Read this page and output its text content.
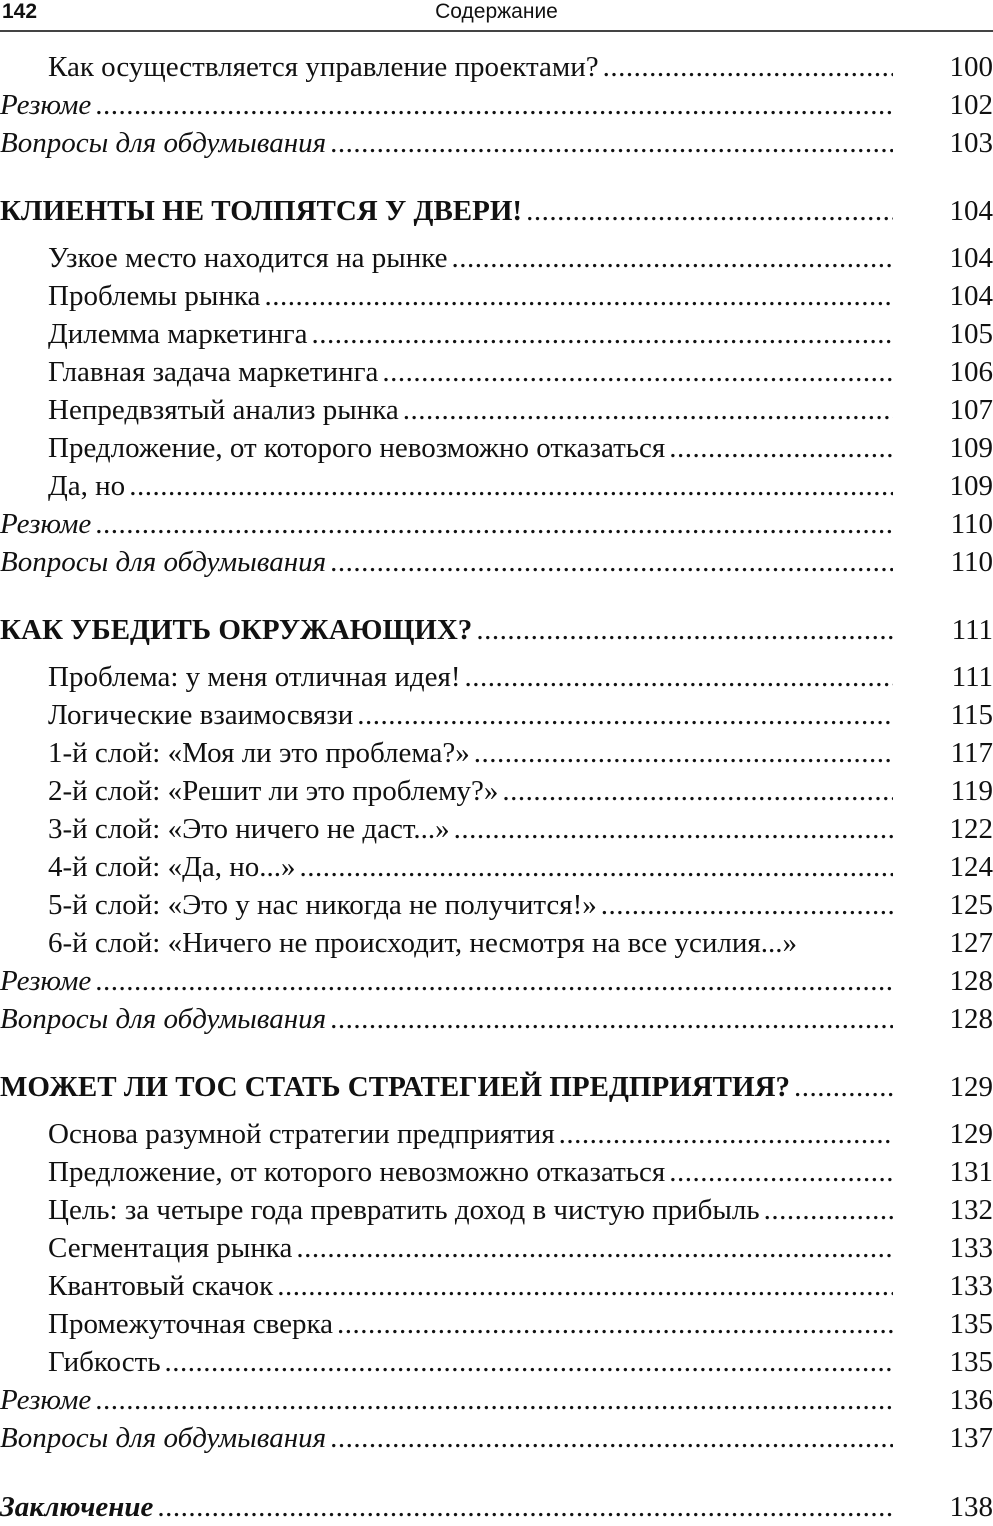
142	Содержание
Как осуществляется управление проектами? .....	100
Резюме .....	102
Вопросы для обдумывания .....	103
КЛИЕНТЫ НЕ ТОЛПЯТСЯ У ДВЕРИ! .....	104
Узкое место находится на рынке .....	104
Проблемы рынка .....	104
Дилемма маркетинга .....	105
Главная задача маркетинга .....	106
Непредвзятый анализ рынка .....	107
Предложение, от которого невозможно отказаться .....	109
Да, но .....	109
Резюме .....	110
Вопросы для обдумывания .....	110
КАК УБЕДИТЬ ОКРУЖАЮЩИХ? .....	111
Проблема: у меня отличная идея! .....	111
Логические взаимосвязи .....	115
1-й слой: «Моя ли это проблема?» .....	117
2-й слой: «Решит ли это проблему?» .....	119
3-й слой: «Это ничего не даст...» .....	122
4-й слой: «Да, но...» .....	124
5-й слой: «Это у нас никогда не получится!» .....	125
6-й слой: «Ничего не происходит, несмотря на все усилия...»	127
Резюме .....	128
Вопросы для обдумывания .....	128
МОЖЕТ ЛИ TOC СТАТЬ СТРАТЕГИЕЙ ПРЕДПРИЯТИЯ? .....	129
Основа разумной стратегии предприятия .....	129
Предложение, от которого невозможно отказаться .....	131
Цель: за четыре года превратить доход в чистую прибыль .....	132
Сегментация рынка .....	133
Квантовый скачок .....	133
Промежуточная сверка .....	135
Гибкость .....	135
Резюме .....	136
Вопросы для обдумывания .....	137
Заключение .....	138
